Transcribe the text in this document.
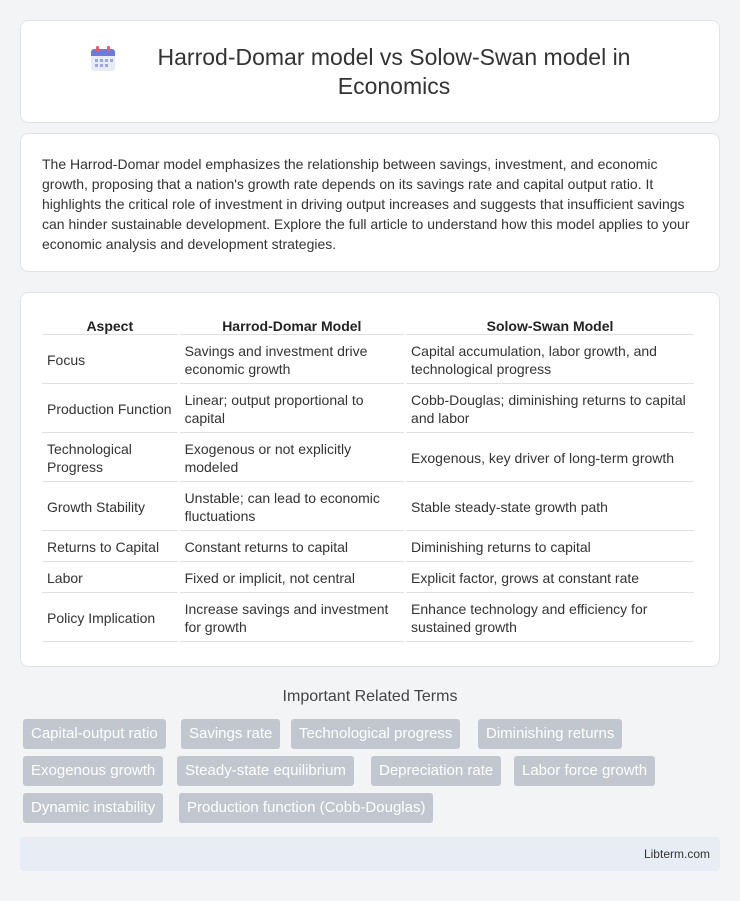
Harrod-Domar model vs Solow-Swan model in Economics

The Harrod-Domar model emphasizes the relationship between savings, investment, and economic growth, proposing that a nation's growth rate depends on its savings rate and capital output ratio. It highlights the critical role of investment in driving output increases and suggests that insufficient savings can hinder sustainable development. Explore the full article to understand how this model applies to your economic analysis and development strategies.

Aspect	Harrod-Domar Model	Solow-Swan Model
Focus	Savings and investment drive economic growth	Capital accumulation, labor growth, and technological progress
Production Function	Linear; output proportional to capital	Cobb-Douglas; diminishing returns to capital and labor
Technological Progress	Exogenous or not explicitly modeled	Exogenous, key driver of long-term growth
Growth Stability	Unstable; can lead to economic fluctuations	Stable steady-state growth path
Returns to Capital	Constant returns to capital	Diminishing returns to capital
Labor	Fixed or implicit, not central	Explicit factor, grows at constant rate
Policy Implication	Increase savings and investment for growth	Enhance technology and efficiency for sustained growth
Important Related Terms
Capital-output ratio	Savings rate	Technological progress	Diminishing returns
Exogenous growth	Steady-state equilibrium	Depreciation rate	Labor force growth
Dynamic instability	Production function (Cobb-Douglas)
Libterm.com
